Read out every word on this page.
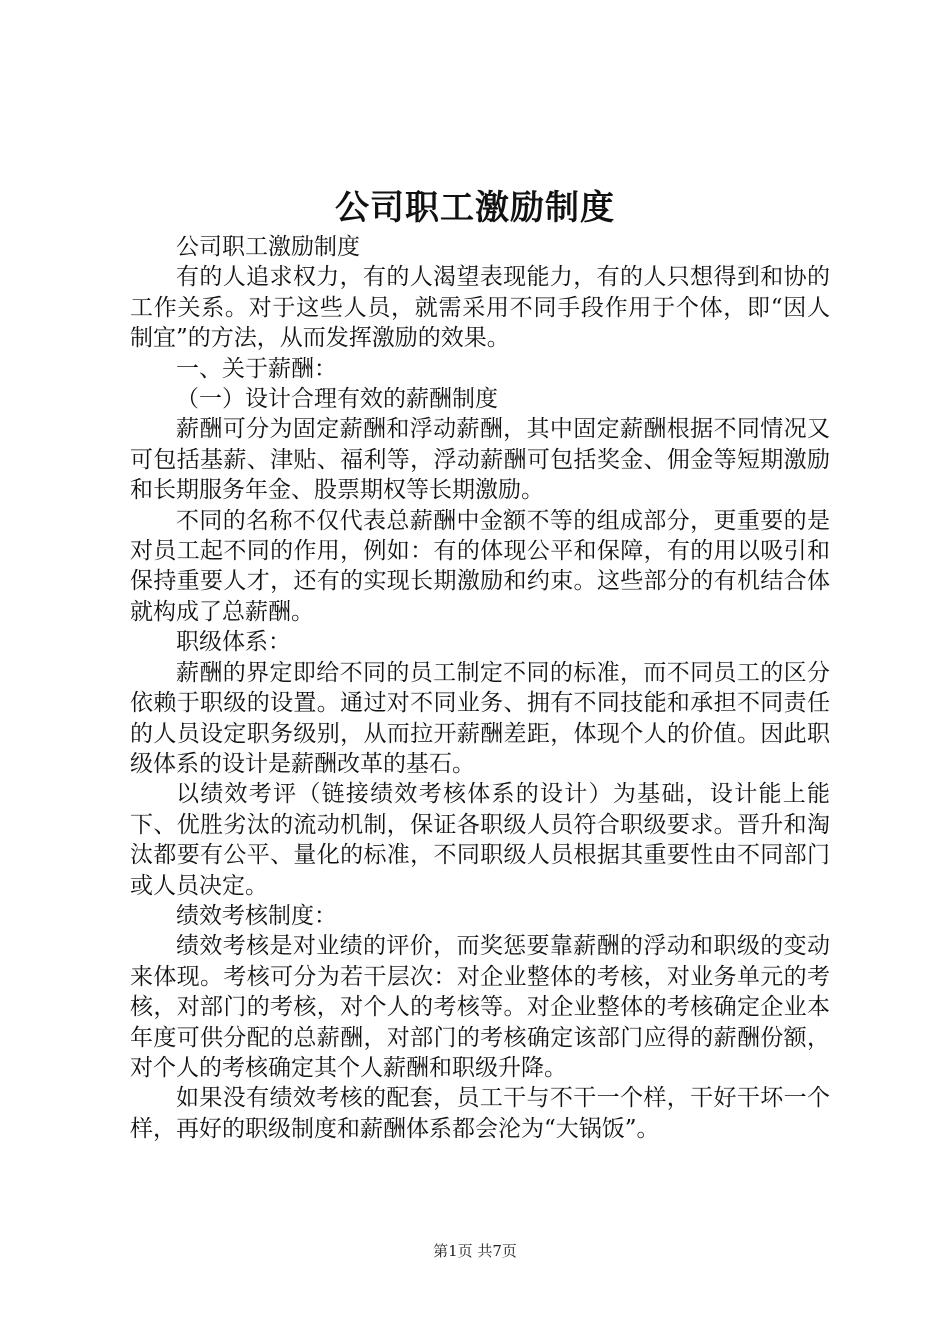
公司职工激励制度

公司职工激励制度

有的人追求权力，有的人渴望表现能力，有的人只想得到和协的工作关系。对于这些人员，就需采用不同手段作用于个体，即“因人制宜”的方法，从而发挥激励的效果。

一、关于薪酬：

（一）设计合理有效的薪酬制度

薪酬可分为固定薪酬和浮动薪酬，其中固定薪酬根据不同情况又可包括基薪、津贴、福利等，浮动薪酬可包括奖金、佣金等短期激励和长期服务年金、股票期权等长期激励。

不同的名称不仅代表总薪酬中金额不等的组成部分，更重要的是对员工起不同的作用，例如：有的体现公平和保障，有的用以吸引和保持重要人才，还有的实现长期激励和约束。这些部分的有机结合体就构成了总薪酬。

职级体系：

薪酬的界定即给不同的员工制定不同的标准，而不同员工的区分依赖于职级的设置。通过对不同业务、拥有不同技能和承担不同责任的人员设定职务级别，从而拉开薪酬差距，体现个人的价值。因此职级体系的设计是薪酬改革的基石。

以绩效考评（链接绩效考核体系的设计）为基础，设计能上能下、优胜劣汰的流动机制，保证各职级人员符合职级要求。晋升和淘汰都要有公平、量化的标准，不同职级人员根据其重要性由不同部门或人员决定。

绩效考核制度：

绩效考核是对业绩的评价，而奖惩要靠薪酬的浮动和职级的变动来体现。考核可分为若干层次：对企业整体的考核，对业务单元的考核，对部门的考核，对个人的考核等。对企业整体的考核确定企业本年度可供分配的总薪酬，对部门的考核确定该部门应得的薪酬份额，对个人的考核确定其个人薪酬和职级升降。

如果没有绩效考核的配套，员工干与不干一个样，干好干坏一个样，再好的职级制度和薪酬体系都会沦为“大锅饭”。

第1页 共7页
